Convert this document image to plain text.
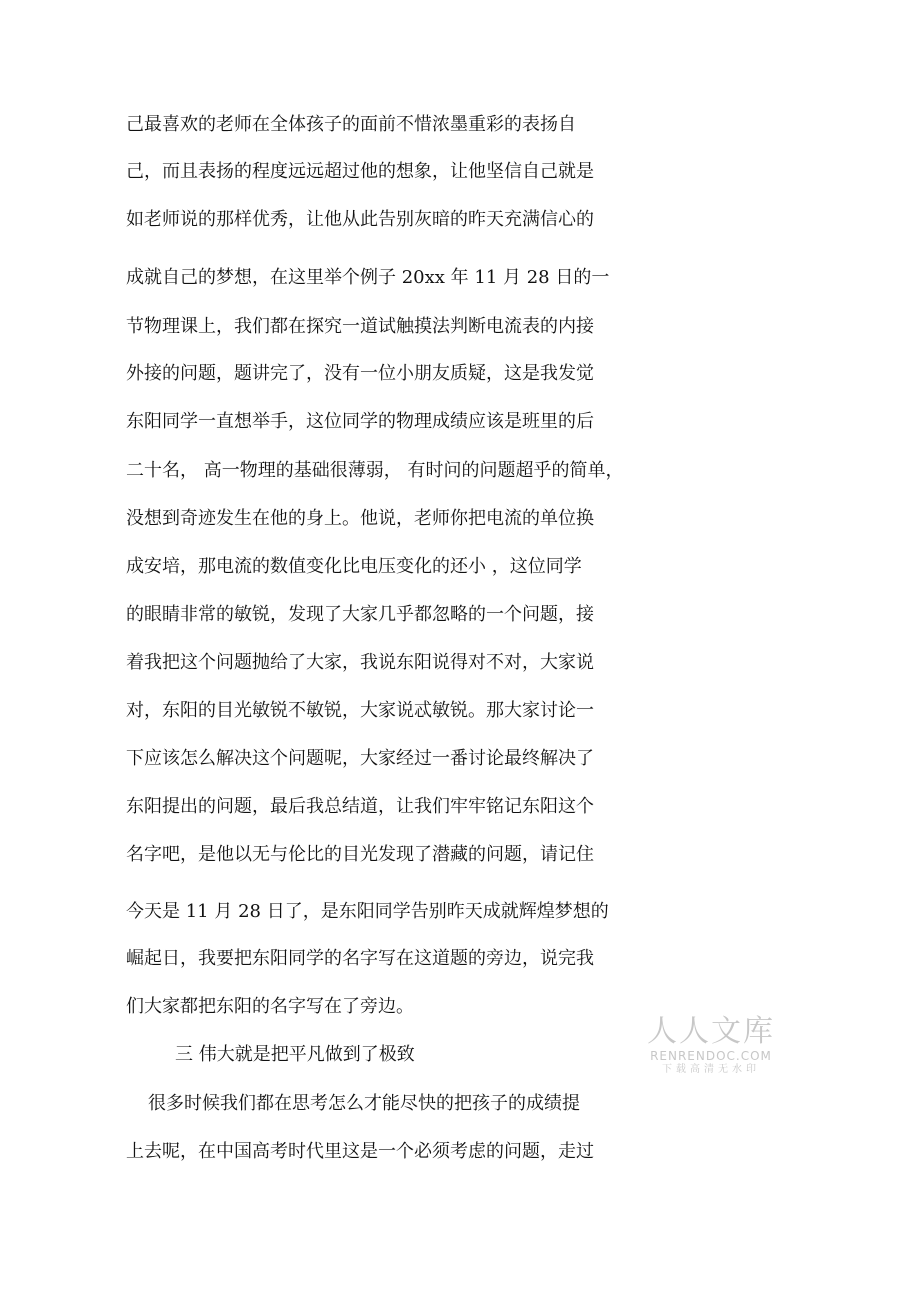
己最喜欢的老师在全体孩子的面前不惜浓墨重彩的表扬自
己，而且表扬的程度远远超过他的想象，让他坚信自己就是
如老师说的那样优秀，让他从此告别灰暗的昨天充满信心的
成就自己的梦想，在这里举个例子 20xx 年 11 月 28 日的一
节物理课上，我们都在探究一道试触摸法判断电流表的内接
外接的问题，题讲完了，没有一位小朋友质疑，这是我发觉
东阳同学一直想举手，这位同学的物理成绩应该是班里的后
二十名， 高一物理的基础很薄弱， 有时问的问题超乎的简单，
没想到奇迹发生在他的身上。他说，老师你把电流的单位换
成安培，那电流的数值变化比电压变化的还小 ，这位同学
的眼睛非常的敏锐，发现了大家几乎都忽略的一个问题，接
着我把这个问题抛给了大家，我说东阳说得对不对，大家说
对，东阳的目光敏锐不敏锐，大家说忒敏锐。那大家讨论一
下应该怎么解决这个问题呢，大家经过一番讨论最终解决了
东阳提出的问题，最后我总结道，让我们牢牢铭记东阳这个
名字吧，是他以无与伦比的目光发现了潜藏的问题，请记住
今天是 11 月 28 日了，是东阳同学告别昨天成就辉煌梦想的
崛起日，我要把东阳同学的名字写在这道题的旁边，说完我
们大家都把东阳的名字写在了旁边。
三 伟大就是把平凡做到了极致
很多时候我们都在思考怎么才能尽快的把孩子的成绩提
上去呢，在中国高考时代里这是一个必须考虑的问题，走过
人人文库
RENRENDOC.COM
下载高清无水印
